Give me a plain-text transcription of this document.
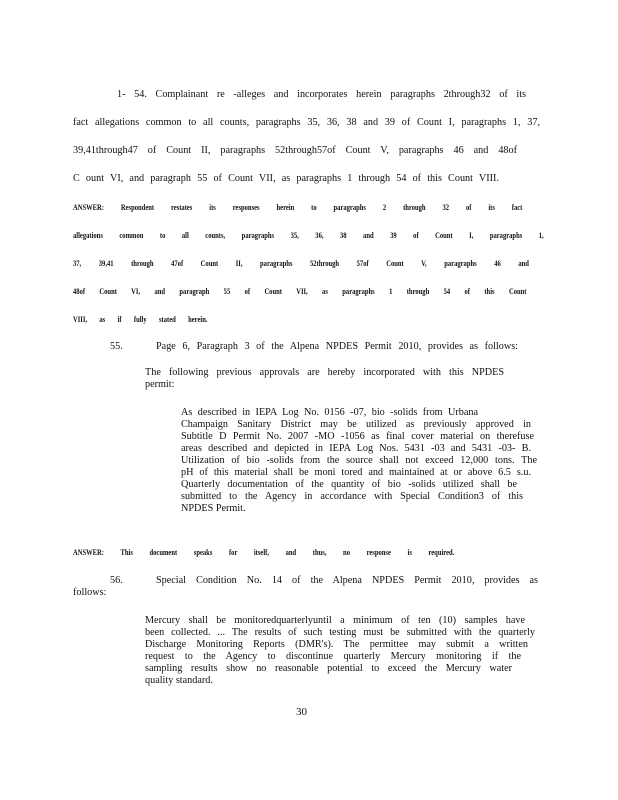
1- 54. Complainant re -alleges and incorporates herein paragraphs 2through32 of its
fact allegations common to all counts, paragraphs 35, 36, 38 and 39 of Count I, paragraphs 1, 37,
39,41through47 of Count II, paragraphs 52through57of Count V, paragraphs 46 and 48of
C ount VI, and paragraph 55 of Count VII, as paragraphs 1 through 54 of this Count VIII.
ANSWER: Respondent restates its responses herein to paragraphs 2 through 32 of its fact
allegations common to all counts, paragraphs 35, 36, 38 and 39 of Count I, paragraphs 1,
37, 39,41 through 47of Count II, paragraphs 52through 57of Count V, paragraphs 46 and
48of Count VI, and paragraph 55 of Count VII, as paragraphs 1 through 54 of this Count
VIII, as if fully stated herein.
55.	Page 6, Paragraph 3 of the Alpena NPDES Permit 2010, provides as follows:
The following previous approvals are hereby incorporated with this NPDES
permit:
As described in IEPA Log No. 0156 -07, bio -solids from Urbana
Champaign Sanitary District may be utilized as previously approved in
Subtitle D Permit No. 2007 -MO -1056 as final cover material on therefuse
areas described and depicted in IEPA Log Nos. 5431 -03 and 5431 -03- B.
Utilization of bio -solids from the source shall not exceed 12,000 tons. The
pH of this material shall be moni tored and maintained at or above 6.5 s.u.
Quarterly documentation of the quantity of bio -solids utilized shall be
submitted to the Agency in accordance with Special Condition3 of this
NPDES Permit.
ANSWER: This document speaks for itself, and thus, no response is required.
56.	Special Condition No. 14 of the Alpena NPDES Permit 2010, provides as
follows:
Mercury shall be monitoredquarterlyuntil a minimum of ten (10) samples have
been collected. ... The results of such testing must be submitted with the quarterly
Discharge Monitoring Reports (DMR's). The permittee may submit a written
request to the Agency to discontinue quarterly Mercury monitoring if the
sampling results show no reasonable potential to exceed the Mercury water
quality standard.
30
